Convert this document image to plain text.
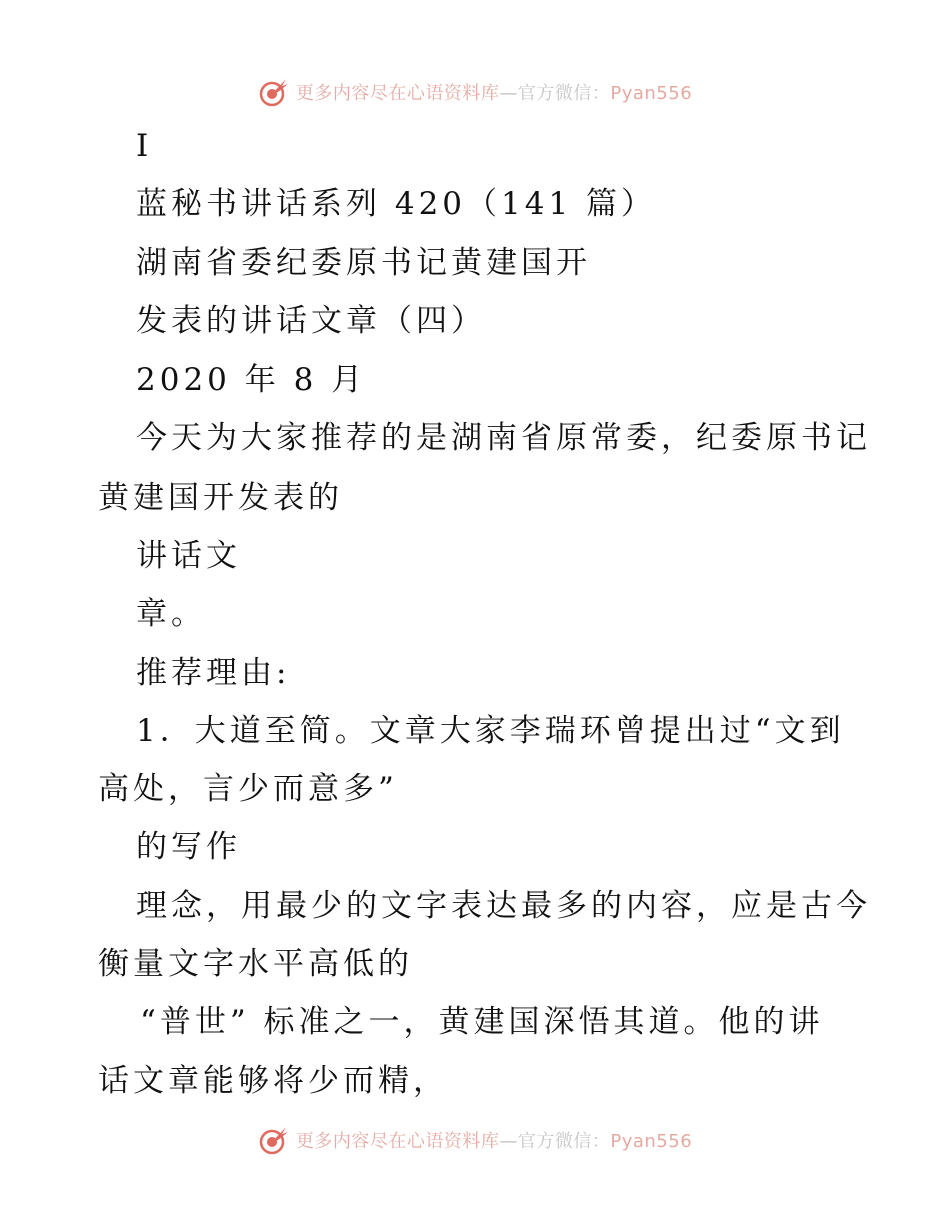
更多内容尽在心语资料库—官方微信：Pyan556
I
蓝秘书讲话系列 420（141 篇）
湖南省委纪委原书记黄建国开
发表的讲话文章（四）
2020 年 8 月
今天为大家推荐的是湖南省原常委，纪委原书记
黄建国开发表的
讲话文
章。
推荐理由:
1．大道至简。文章大家李瑞环曾提出过“文到
高处，言少而意多”
的写作
理念，用最少的文字表达最多的内容，应是古今
衡量文字水平高低的
“普世” 标准之一，黄建国深悟其道。他的讲
话文章能够将少而精，
更多内容尽在心语资料库—官方微信：Pyan556
